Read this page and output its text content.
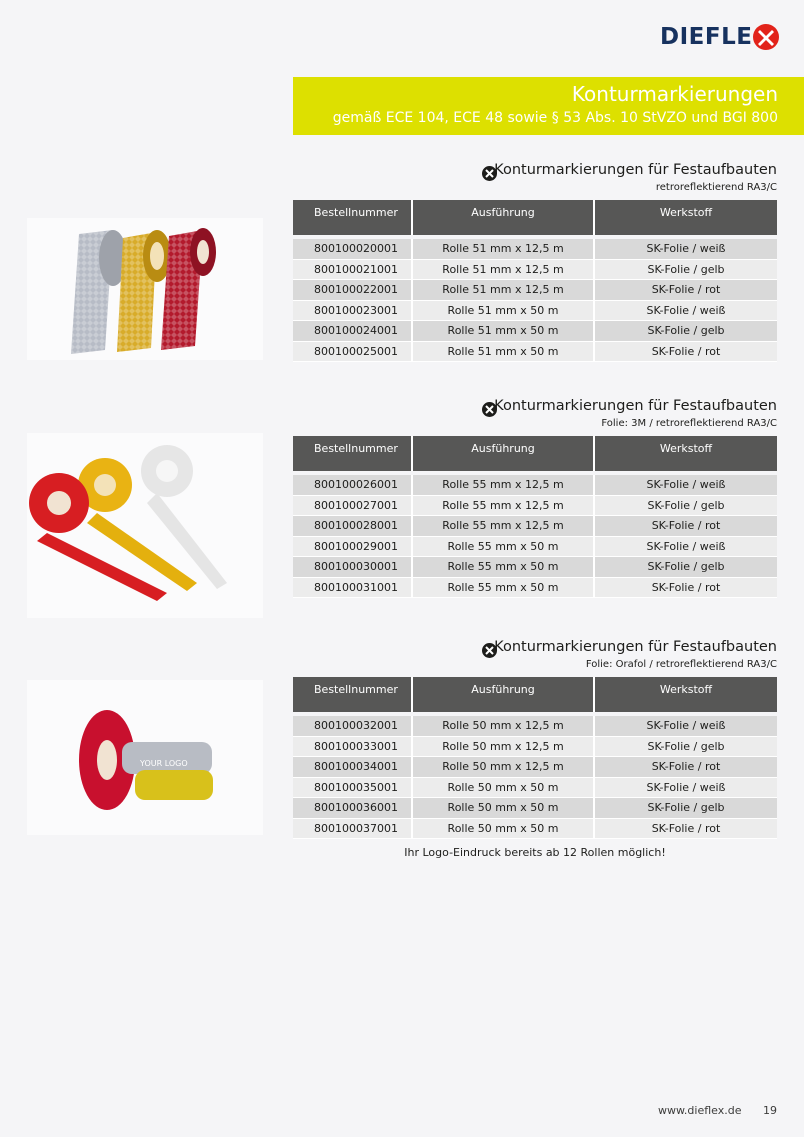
DIEFLE
Konturmarkierungen
gemäß ECE 104, ECE 48 sowie § 53 Abs. 10 StVZO und BGI 800
YOUR LOGO
Konturmarkierungen für Festaufbauten
retroreflektierend RA3/C
Bestellnummer	Ausführung	Werkstoff

800100020001	Rolle 51 mm x 12,5 m	SK-Folie / weiß
800100021001	Rolle 51 mm x 12,5 m	SK-Folie / gelb
800100022001	Rolle 51 mm x 12,5 m	SK-Folie / rot
800100023001	Rolle 51 mm x 50 m	SK-Folie / weiß
800100024001	Rolle 51 mm x 50 m	SK-Folie / gelb
800100025001	Rolle 51 mm x 50 m	SK-Folie / rot
Konturmarkierungen für Festaufbauten
Folie: 3M / retroreflektierend RA3/C
Bestellnummer	Ausführung	Werkstoff

800100026001	Rolle 55 mm x 12,5 m	SK-Folie / weiß
800100027001	Rolle 55 mm x 12,5 m	SK-Folie / gelb
800100028001	Rolle 55 mm x 12,5 m	SK-Folie / rot
800100029001	Rolle 55 mm x 50 m	SK-Folie / weiß
800100030001	Rolle 55 mm x 50 m	SK-Folie / gelb
800100031001	Rolle 55 mm x 50 m	SK-Folie / rot
Konturmarkierungen für Festaufbauten
Folie: Orafol / retroreflektierend RA3/C
Bestellnummer	Ausführung	Werkstoff

800100032001	Rolle 50 mm x 12,5 m	SK-Folie / weiß
800100033001	Rolle 50 mm x 12,5 m	SK-Folie / gelb
800100034001	Rolle 50 mm x 12,5 m	SK-Folie / rot
800100035001	Rolle 50 mm x 50 m	SK-Folie / weiß
800100036001	Rolle 50 mm x 50 m	SK-Folie / gelb
800100037001	Rolle 50 mm x 50 m	SK-Folie / rot
Ihr Logo-Eindruck bereits ab 12 Rollen möglich!
www.dieflex.de 19
